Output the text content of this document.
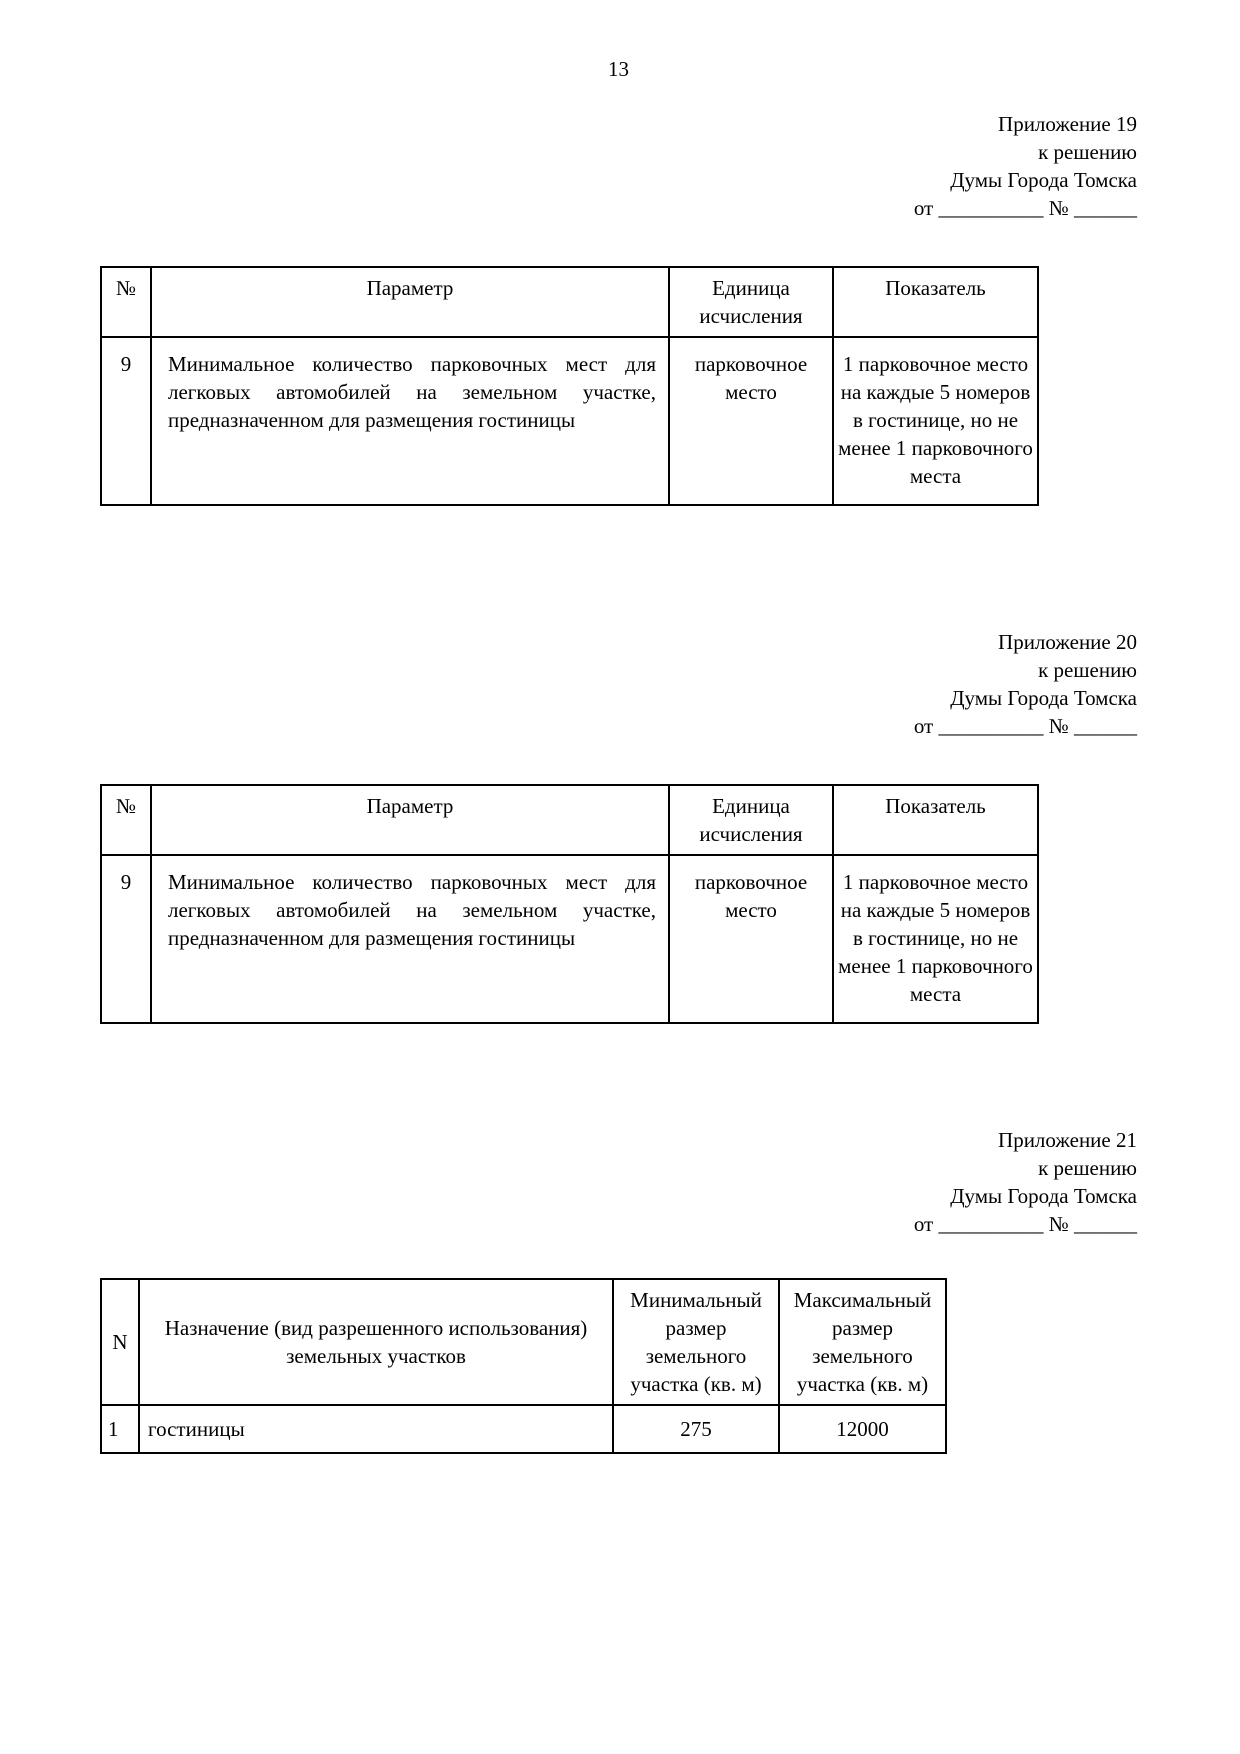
13
Приложение 19
к решению
Думы Города Томска
от __________ № ______
№	Параметр	Единица исчисления	Показатель
9	Минимальное количество парковочных мест для легковых автомобилей на земельном участке, предназначенном для размещения гостиницы	парковочное место	1 парковочное место на каждые 5 номеров в гостинице, но не менее 1 парковочного места
Приложение 20
к решению
Думы Города Томска
от __________ № ______
№	Параметр	Единица исчисления	Показатель
9	Минимальное количество парковочных мест для легковых автомобилей на земельном участке, предназначенном для размещения гостиницы	парковочное место	1 парковочное место на каждые 5 номеров в гостинице, но не менее 1 парковочного места
Приложение 21
к решению
Думы Города Томска
от __________ № ______
N	Назначение (вид разрешенного использования) земельных участков	Минимальный размер земельного участка (кв. м)	Максимальный размер земельного участка (кв. м)
1	гостиницы	275	12000
